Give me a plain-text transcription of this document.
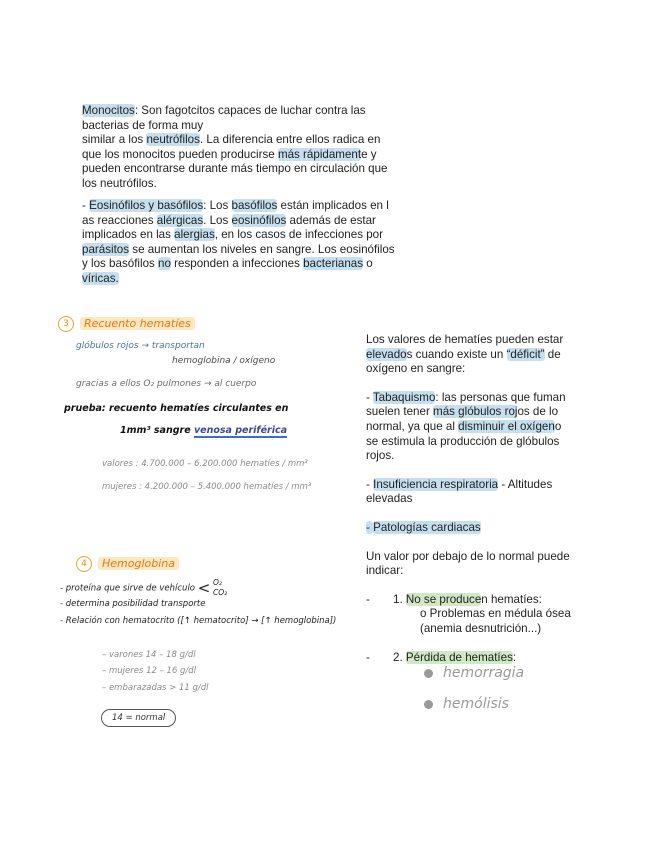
Monocitos: Son fagotcitos capaces de luchar contra las
bacterias de forma muy
similar a los neutrófilos. La diferencia entre ellos radica en
que los monocitos pueden producirse más rápidamente y
pueden encontrarse durante más tiempo en circulación que
los neutrófilos.
- Eosinófilos y basófilos: Los basófilos están implicados en l
as reacciones alérgicas. Los eosinófilos además de estar
implicados en las alergias, en los casos de infecciones por
parásitos se aumentan los niveles en sangre. Los eosinófilos
y los basófilos no responden a infecciones bacterianas o
víricas.
3 Recuento hematíes
glóbulos rojos → transportan
hemoglobina / oxígeno
gracias a ellos O₂ pulmones → al cuerpo
prueba: recuento hematíes circulantes en
1mm³ sangre venosa periférica
valores : 4.700.000 – 6.200.000 hematíes / mm³
mujeres : 4.200.000 – 5.400.000 hematíes / mm³
4 Hemoglobina
- proteína que sirve de vehículo < O₂
CO₂
- determina posibilidad transporte
- Relación con hematocrito ([↑ hematocrito] → [↑ hemoglobina])
– varones 14 – 18 g/dl
– mujeres 12 – 16 g/dl
– embarazadas > 11 g/dl
14 = normal
Los valores de hematíes pueden estar
elevados cuando existe un “déficit” de
oxígeno en sangre:
- Tabaquismo: las personas que fuman
suelen tener más glóbulos rojos de lo
normal, ya que al disminuir el oxígeno
se estimula la producción de glóbulos
rojos.
- Insuficiencia respiratoria - Altitudes
elevadas
- Patologías cardiacas
Un valor por debajo de lo normal puede
indicar:
- 1. No se producen hematíes:
o Problemas en médula ósea
(anemia desnutrición...)
- 2. Pérdida de hematíes:
hemorragia
hemólisis
